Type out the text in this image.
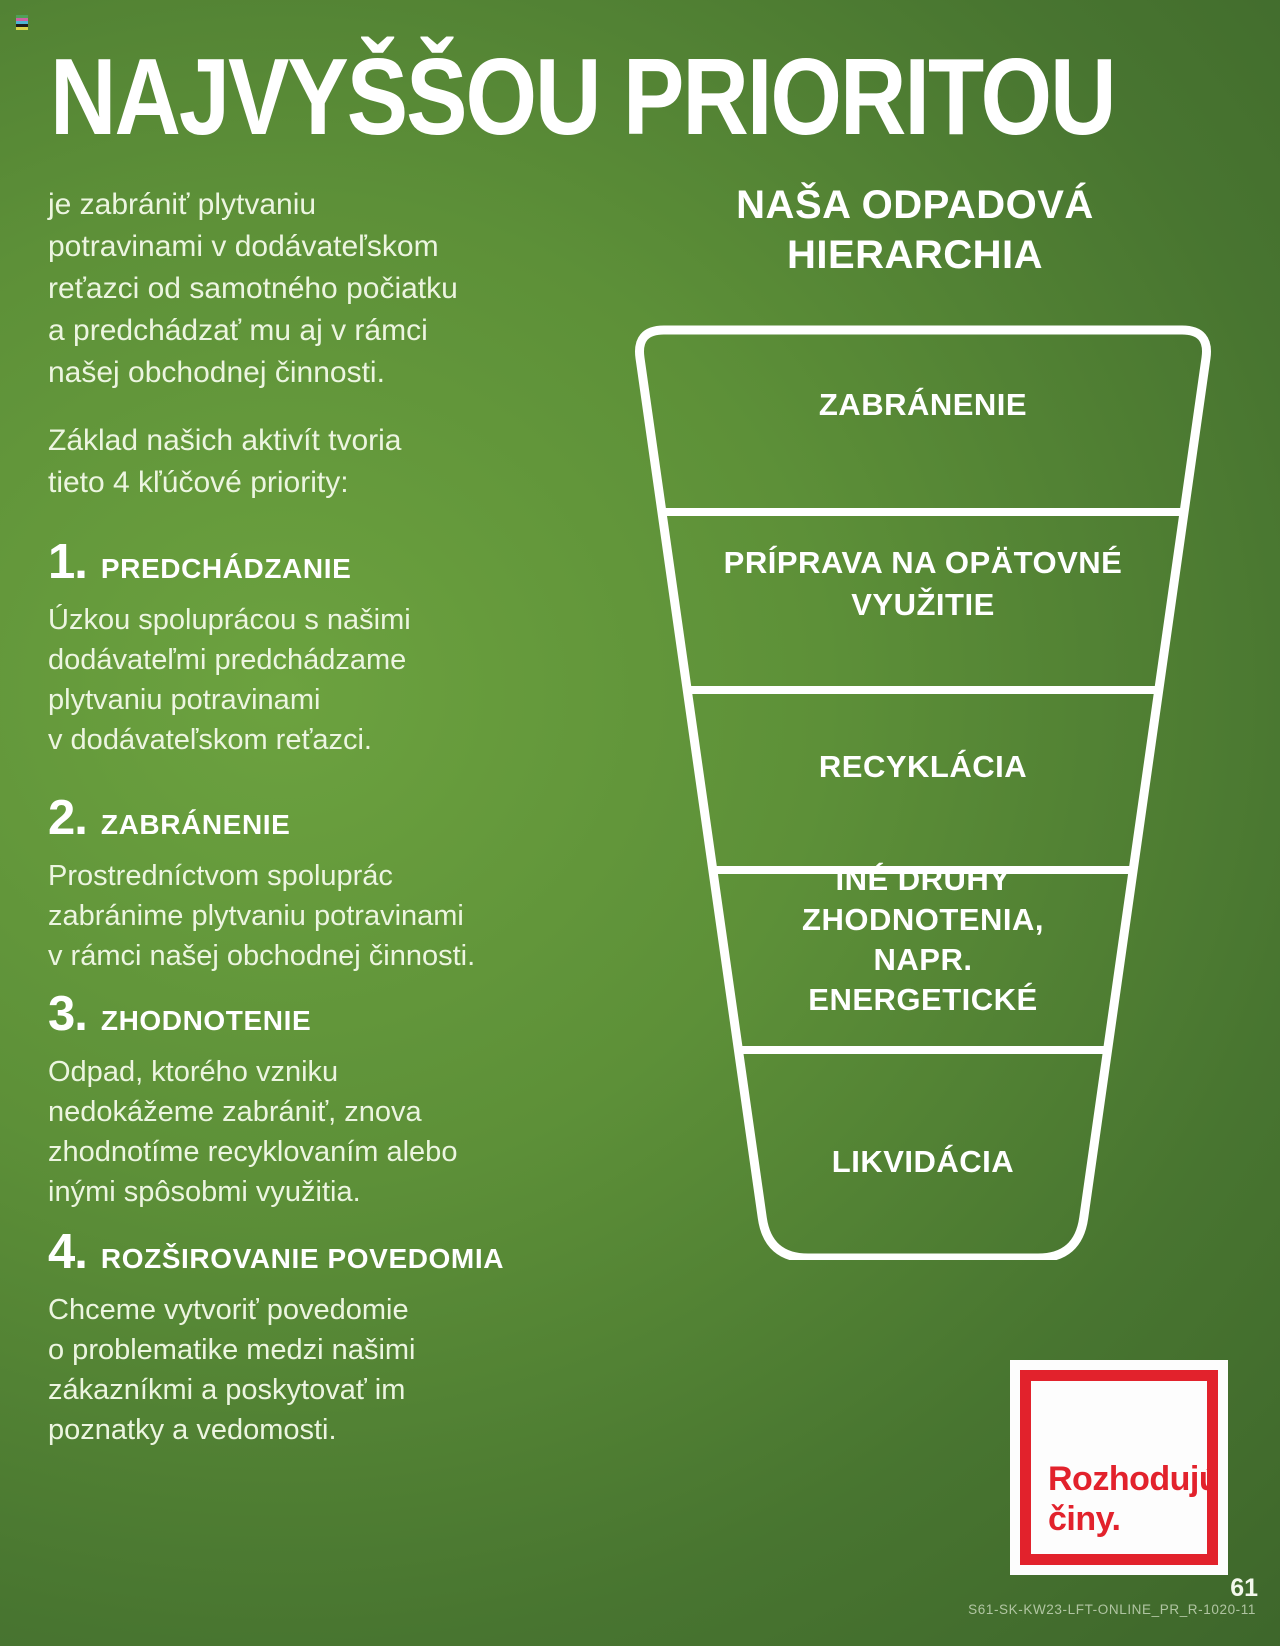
NAJVYŠŠOU PRIORITOU
je zabrániť plytvaniu
potravinami v dodávateľskom
reťazci od samotného počiatku
a predchádzať mu aj v rámci
našej obchodnej činnosti.
Základ našich aktivít tvoria
tieto 4 kľúčové priority:
1. PREDCHÁDZANIE
Úzkou spoluprácou s našimi
dodávateľmi predchádzame
plytvaniu potravinami
v dodávateľskom reťazci.
2. ZABRÁNENIE
Prostredníctvom spoluprác
zabránime plytvaniu potravinami
v rámci našej obchodnej činnosti.
3. ZHODNOTENIE
Odpad, ktorého vzniku
nedokážeme zabrániť, znova
zhodnotíme recyklovaním alebo
inými spôsobmi využitia.
4. ROZŠIROVANIE POVEDOMIA
Chceme vytvoriť povedomie
o problematike medzi našimi
zákazníkmi a poskytovať im
poznatky a vedomosti.
NAŠA ODPADOVÁ
HIERARCHIA
ZABRÁNENIE
PRÍPRAVA NA OPÄTOVNÉ
VYUŽITIE
RECYKLÁCIA
INÉ DRUHY
ZHODNOTENIA,
NAPR.
ENERGETICKÉ
LIKVIDÁCIA
Rozhodujú
činy.
61
S61-SK-KW23-LFT-ONLINE_PR_R-1020-11
